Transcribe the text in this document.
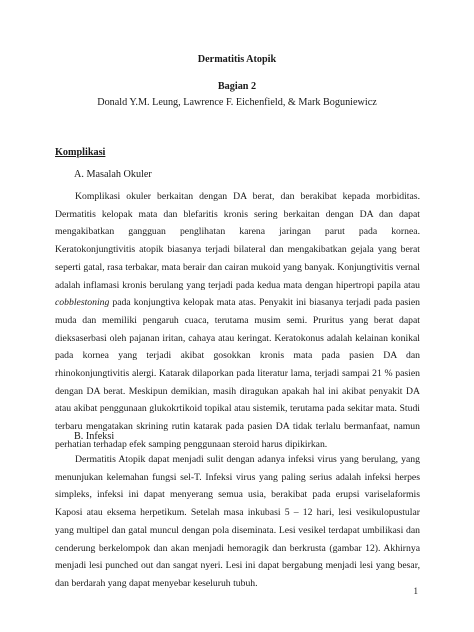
Dermatitis Atopik
Bagian 2
Donald Y.M. Leung, Lawrence F. Eichenfield, & Mark Boguniewicz
Komplikasi
A. Masalah Okuler

Komplikasi okuler berkaitan dengan DA berat, dan berakibat kepada morbiditas. Dermatitis kelopak mata dan blefaritis kronis sering berkaitan dengan DA dan dapat mengakibatkan gangguan penglihatan karena jaringan parut pada kornea. Keratokonjungtivitis atopik biasanya terjadi bilateral dan mengakibatkan gejala yang berat seperti gatal, rasa terbakar, mata berair dan cairan mukoid yang banyak. Konjungtivitis vernal adalah inflamasi kronis berulang yang terjadi pada kedua mata dengan hipertropi papila atau cobblestoning pada konjungtiva kelopak mata atas. Penyakit ini biasanya terjadi pada pasien muda dan memiliki pengaruh cuaca, terutama musim semi. Pruritus yang berat dapat dieksaserbasi oleh pajanan iritan, cahaya atau keringat. Keratokonus adalah kelainan konikal pada kornea yang terjadi akibat gosokkan kronis mata pada pasien DA dan rhinokonjungtivitis alergi. Katarak dilaporkan pada literatur lama, terjadi sampai 21 % pasien dengan DA berat. Meskipun demikian, masih diragukan apakah hal ini akibat penyakit DA atau akibat penggunaan glukokrtikoid topikal atau sistemik, terutama pada sekitar mata. Studi terbaru mengatakan skrining rutin katarak pada pasien DA tidak terlalu bermanfaat, namun perhatian terhadap efek samping penggunaan steroid harus dipikirkan.

B. Infeksi

Dermatitis Atopik dapat menjadi sulit dengan adanya infeksi virus yang berulang, yang menunjukan kelemahan fungsi sel-T. Infeksi virus yang paling serius adalah infeksi herpes simpleks, infeksi ini dapat menyerang semua usia, berakibat pada erupsi variselaformis Kaposi atau eksema herpetikum. Setelah masa inkubasi 5 – 12 hari, lesi vesikulopustular yang multipel dan gatal muncul dengan pola diseminata. Lesi vesikel terdapat umbilikasi dan cenderung berkelompok dan akan menjadi hemoragik dan berkrusta (gambar 12). Akhirnya menjadi lesi punched out dan sangat nyeri. Lesi ini dapat bergabung menjadi lesi yang besar, dan berdarah yang dapat menyebar keseluruh tubuh.

1
